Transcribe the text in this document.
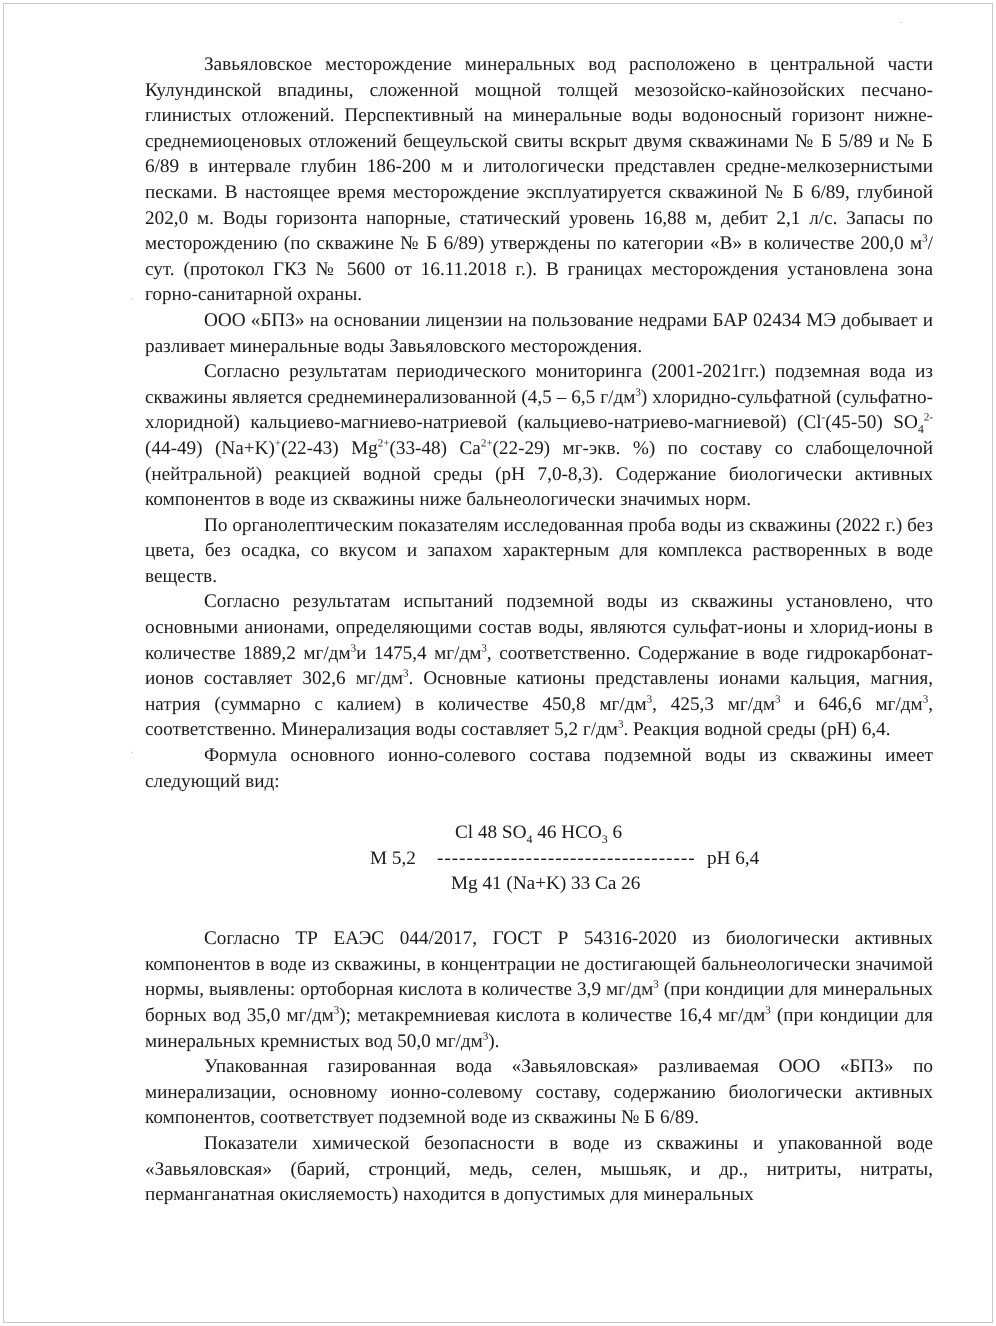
Завьяловское месторождение минеральных вод расположено в центральной части Кулундинской впадины, сложенной мощной толщей мезозойско-кайнозойских песчано-глинистых отложений. Перспективный на минеральные воды водоносный горизонт нижне-среднемиоценовых отложений бещеульской свиты вскрыт двумя скважинами № Б 5/89 и № Б 6/89 в интервале глубин 186-200 м и литологически представлен средне-мелкозернистыми песками. В настоящее время месторождение эксплуатируется скважиной № Б 6/89, глубиной 202,0 м. Воды горизонта напорные, статический уровень 16,88 м, дебит 2,1 л/с. Запасы по месторождению (по скважине № Б 6/89) утверждены по категории «В» в количестве 200,0 $м^3$/сут. (протокол ГКЗ № 5600 от 16.11.2018 г.). В границах месторождения установлена зона горно-санитарной охраны.

ООО «БПЗ» на основании лицензии на пользование недрами БАР 02434 МЭ добывает и разливает минеральные воды Завьяловского месторождения.

Согласно результатам периодического мониторинга (2001-2021гг.) подземная вода из скважины является среднеминерализованной (4,5 – 6,5 $г/дм^3$) хлоридно-сульфатной (сульфатно-хлоридной) кальциево-магниево-натриевой (кальциево-натриево-магниевой) (Cl-(45-50) $SO_4^{2-}(44-49)$ (Na+K)+(22-43) $Mg^{2+}(33-48)$ $Ca^{2+}(22-29)$ мг-экв. %) по составу со слабощелочной (нейтральной) реакцией водной среды (pH 7,0-8,3). Содержание биологически активных компонентов в воде из скважины ниже бальнеологически значимых норм.

По органолептическим показателям исследованная проба воды из скважины (2022 г.) без цвета, без осадка, со вкусом и запахом характерным для комплекса растворенных в воде веществ.

Согласно результатам испытаний подземной воды из скважины установлено, что основными анионами, определяющими состав воды, являются сульфат-ионы и хлорид-ионы в количестве 1889,2 $мг/дм^3и$ 1475,4 $мг/дм^3$, соответственно. Содержание в воде гидрокарбонат-ионов составляет 302,6 $мг/дм^3$. Основные катионы представлены ионами кальция, магния, натрия (суммарно с калием) в количестве 450,8 $мг/дм^3$, 425,3 $мг/дм^3$ и 646,6 $мг/дм^3$, соответственно. Минерализация воды составляет 5,2 $г/дм^3$. Реакция водной среды (pH) 6,4.

Формула основного ионно-солевого состава подземной воды из скважины имеет следующий вид:

Cl 48 $SO_4$ 46 $HCO_3$ 6
М 5,2 ----------------------------------- pH 6,4
Mg 41 (Na+K) 33 Ca 26

Согласно ТР ЕАЭС 044/2017, ГОСТ Р 54316-2020 из биологически активных компонентов в воде из скважины, в концентрации не достигающей бальнеологически значимой нормы, выявлены: ортоборная кислота в количестве 3,9 $мг/дм^3$ (при кондиции для минеральных борных вод 35,0 $мг/дм^3$); метакремниевая кислота в количестве 16,4 $мг/дм^3$ (при кондиции для минеральных кремнистых вод 50,0 $мг/дм^3$).

Упакованная газированная вода «Завьяловская» разливаемая ООО «БПЗ» по минерализации, основному ионно-солевому составу, содержанию биологически активных компонентов, соответствует подземной воде из скважины № Б 6/89.

Показатели химической безопасности в воде из скважины и упакованной воде «Завьяловская» (барий, стронций, медь, селен, мышьяк, и др., нитриты, нитраты, перманганатная окисляемость) находится в допустимых для минеральных

·
·
·
